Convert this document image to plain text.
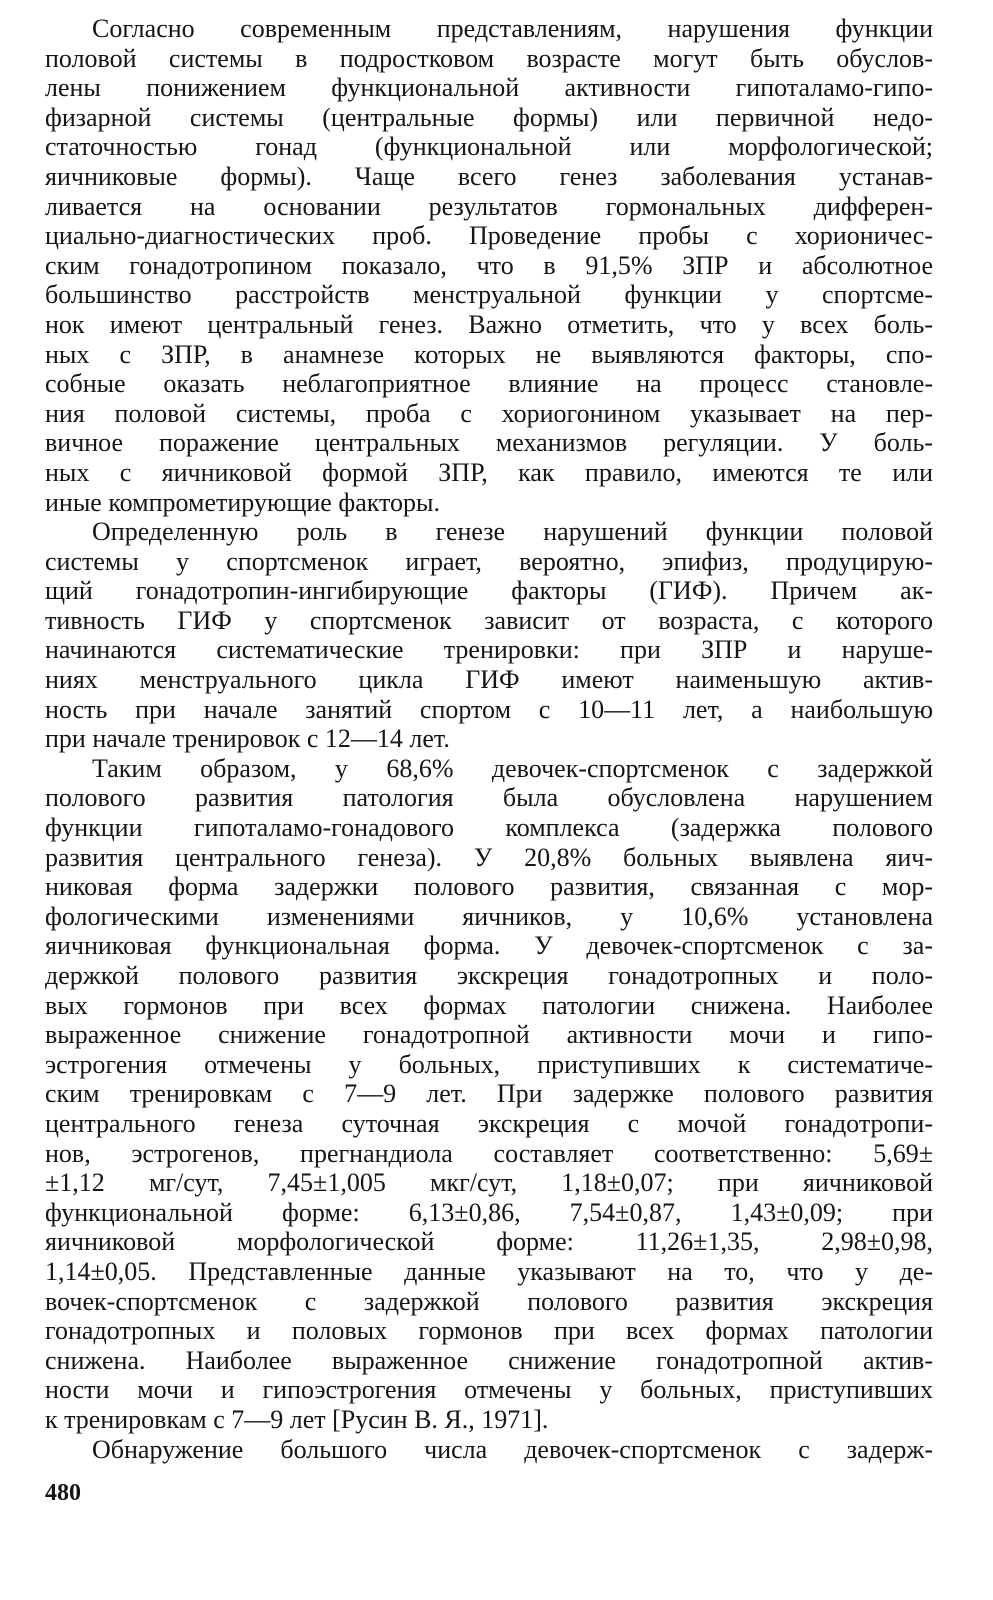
Согласно современным представлениям, нарушения функции
половой системы в подростковом возрасте могут быть обуслов-
лены понижением функциональной активности гипоталамо-гипо-
физарной системы (центральные формы) или первичной недо-
статочностью гонад (функциональной или морфологической;
яичниковые формы). Чаще всего генез заболевания устанав-
ливается на основании результатов гормональных дифферен-
циально-диагностических проб. Проведение пробы с хорионичес-
ским гонадотропином показало, что в 91,5% ЗПР и абсолютное
большинство расстройств менструальной функции у спортсме-
нок имеют центральный генез. Важно отметить, что у всех боль-
ных с ЗПР, в анамнезе которых не выявляются факторы, спо-
собные оказать неблагоприятное влияние на процесс становле-
ния половой системы, проба с хориогонином указывает на пер-
вичное поражение центральных механизмов регуляции. У боль-
ных с яичниковой формой ЗПР, как правило, имеются те или
иные компрометирующие факторы.
Определенную роль в генезе нарушений функции половой
системы у спортсменок играет, вероятно, эпифиз, продуцирую-
щий гонадотропин-ингибирующие факторы (ГИФ). Причем ак-
тивность ГИФ у спортсменок зависит от возраста, с которого
начинаются систематические тренировки: при ЗПР и наруше-
ниях менструального цикла ГИФ имеют наименьшую актив-
ность при начале занятий спортом с 10—11 лет, а наибольшую
при начале тренировок с 12—14 лет.
Таким образом, у 68,6% девочек-спортсменок с задержкой
полового развития патология была обусловлена нарушением
функции гипоталамо-гонадового комплекса (задержка полового
развития центрального генеза). У 20,8% больных выявлена яич-
никовая форма задержки полового развития, связанная с мор-
фологическими изменениями яичников, у 10,6% установлена
яичниковая функциональная форма. У девочек-спортсменок с за-
держкой полового развития экскреция гонадотропных и поло-
вых гормонов при всех формах патологии снижена. Наиболее
выраженное снижение гонадотропной активности мочи и гипо-
эстрогения отмечены у больных, приступивших к систематиче-
ским тренировкам с 7—9 лет. При задержке полового развития
центрального генеза суточная экскреция с мочой гонадотропи-
нов, эстрогенов, прегнандиола составляет соответственно: 5,69±
±1,12 мг/сут, 7,45±1,005 мкг/сут, 1,18±0,07; при яичниковой
функциональной форме: 6,13±0,86, 7,54±0,87, 1,43±0,09; при
яичниковой морфологической форме: 11,26±1,35, 2,98±0,98,
1,14±0,05. Представленные данные указывают на то, что у де-
вочек-спортсменок с задержкой полового развития экскреция
гонадотропных и половых гормонов при всех формах патологии
снижена. Наиболее выраженное снижение гонадотропной актив-
ности мочи и гипоэстрогения отмечены у больных, приступивших
к тренировкам с 7—9 лет [Русин В. Я., 1971].
Обнаружение большого числа девочек-спортсменок с задерж-
480
